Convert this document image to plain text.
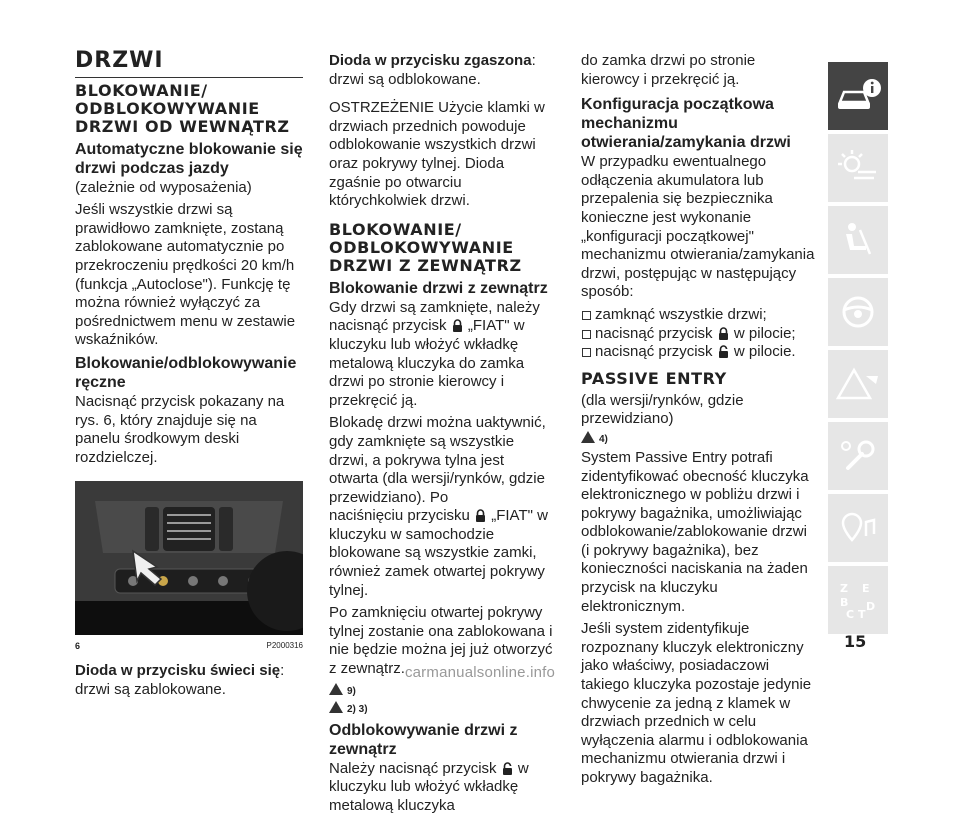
DRZWI
BLOKOWANIE/ ODBLOKOWYWANIE DRZWI OD WEWNĄTRZ
Automatyczne blokowanie się drzwi podczas jazdy

(zależnie od wyposażenia)

Jeśli wszystkie drzwi są prawidłowo zamknięte, zostaną zablokowane automatycznie po przekroczeniu prędkości 20 km/h (funkcja „Autoclose"). Funkcję tę można również wyłączyć za pośrednictwem menu w zestawie wskaźników.

Blokowanie/odblokowywanie ręczne

Nacisnąć przycisk pokazany na rys. 6, który znajduje się na panelu środkowym deski rozdzielczej.

6	P2000316

Dioda w przycisku świeci się: drzwi są zablokowane.

Dioda w przycisku zgaszona: drzwi są odblokowane.

OSTRZEŻENIE Użycie klamki w drzwiach przednich powoduje odblokowanie wszystkich drzwi oraz pokrywy tylnej. Dioda zgaśnie po otwarciu którychkolwiek drzwi.

BLOKOWANIE/ ODBLOKOWYWANIE DRZWI Z ZEWNĄTRZ
Blokowanie drzwi z zewnątrz

Gdy drzwi są zamknięte, należy

nacisnąć przycisk  „FIAT" w kluczyku lub włożyć wkładkę metalową kluczyka do zamka drzwi po stronie kierowcy i przekręcić ją.

Blokadę drzwi można uaktywnić, gdy zamknięte są wszystkie drzwi, a pokrywa tylna jest otwarta (dla wersji/rynków, gdzie przewidziano). Po

naciśnięciu przycisku  „FIAT" w kluczyku w samochodzie blokowane są wszystkie zamki, również zamek otwartej pokrywy tylnej.

Po zamknięciu otwartej pokrywy tylnej zostanie ona zablokowana i nie będzie można jej już otworzyć z zewnątrz.

9)
2) 3)
Odblokowywanie drzwi z zewnątrz

Należy nacisnąć przycisk  w kluczyku lub włożyć wkładkę metalową kluczyka

do zamka drzwi po stronie kierowcy i przekręcić ją.

Konfiguracja początkowa mechanizmu otwierania/zamykania drzwi

W przypadku ewentualnego odłączenia akumulatora lub przepalenia się bezpiecznika konieczne jest wykonanie „konfiguracji początkowej" mechanizmu otwierania/zamykania drzwi, postępując w następujący sposób:

zamknąć wszystkie drzwi;
nacisnąć przycisk  w pilocie;
nacisnąć przycisk  w pilocie.
PASSIVE ENTRY

(dla wersji/rynków, gdzie przewidziano)

4)

System Passive Entry potrafi zidentyfikować obecność kluczyka elektronicznego w pobliżu drzwi i pokrywy bagażnika, umożliwiając odblokowanie/zablokowanie drzwi (i pokrywy bagażnika), bez konieczności naciskania na żaden przycisk na kluczyku elektronicznym.

Jeśli system zidentyfikuje rozpoznany kluczyk elektroniczny jako właściwy, posiadaczowi takiego kluczyka pozostaje jedynie chwycenie za jedną z klamek w drzwiach przednich w celu wyłączenia alarmu i odblokowania mechanizmu otwierania drzwi i pokrywy bagażnika.

Z E
B D
C T
15
carmanualsonline.info
